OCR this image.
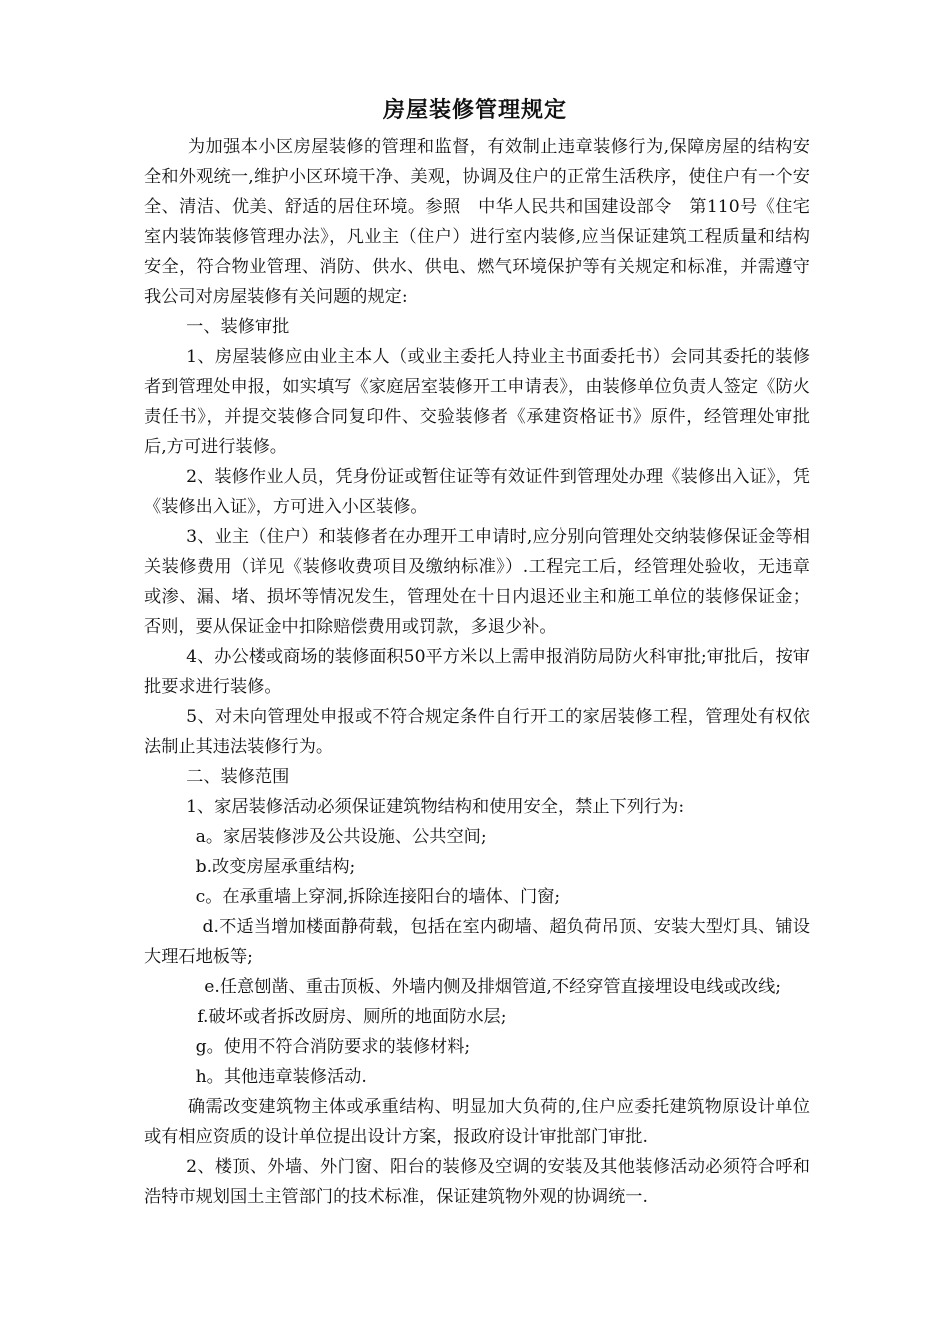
房屋装修管理规定

为加强本小区房屋装修的管理和监督，有效制止违章装修行为,保障房屋的结构安全和外观统一,维护小区环境干净、美观，协调及住户的正常生活秩序，使住户有一个安全、清洁、优美、舒适的居住环境。参照　中华人民共和国建设部令　第110号《住宅室内装饰装修管理办法》，凡业主（住户）进行室内装修,应当保证建筑工程质量和结构安全，符合物业管理、消防、供水、供电、燃气环境保护等有关规定和标准，并需遵守我公司对房屋装修有关问题的规定:

一、装修审批

1、房屋装修应由业主本人（或业主委托人持业主书面委托书）会同其委托的装修者到管理处申报，如实填写《家庭居室装修开工申请表》，由装修单位负责人签定《防火责任书》，并提交装修合同复印件、交验装修者《承建资格证书》原件，经管理处审批后,方可进行装修。

2、装修作业人员，凭身份证或暂住证等有效证件到管理处办理《装修出入证》，凭《装修出入证》，方可进入小区装修。

3、业主（住户）和装修者在办理开工申请时,应分别向管理处交纳装修保证金等相关装修费用（详见《装修收费项目及缴纳标准》）.工程完工后，经管理处验收，无违章或渗、漏、堵、损坏等情况发生，管理处在十日内退还业主和施工单位的装修保证金；否则，要从保证金中扣除赔偿费用或罚款，多退少补。

4、办公楼或商场的装修面积50平方米以上需申报消防局防火科审批;审批后，按审批要求进行装修。

5、对未向管理处申报或不符合规定条件自行开工的家居装修工程，管理处有权依法制止其违法装修行为。

二、装修范围

1、家居装修活动必须保证建筑物结构和使用安全，禁止下列行为:

a。家居装修涉及公共设施、公共空间;

b.改变房屋承重结构;

c。在承重墙上穿洞,拆除连接阳台的墙体、门窗;

d.不适当增加楼面静荷载，包括在室内砌墙、超负荷吊顶、安装大型灯具、铺设大理石地板等;

e.任意刨凿、重击顶板、外墙内侧及排烟管道,不经穿管直接埋设电线或改线;

f.破坏或者拆改厨房、厕所的地面防水层;

g。使用不符合消防要求的装修材料;

h。其他违章装修活动.

确需改变建筑物主体或承重结构、明显加大负荷的,住户应委托建筑物原设计单位或有相应资质的设计单位提出设计方案，报政府设计审批部门审批.

2、楼顶、外墙、外门窗、阳台的装修及空调的安装及其他装修活动必须符合呼和浩特市规划国土主管部门的技术标准，保证建筑物外观的协调统一.
